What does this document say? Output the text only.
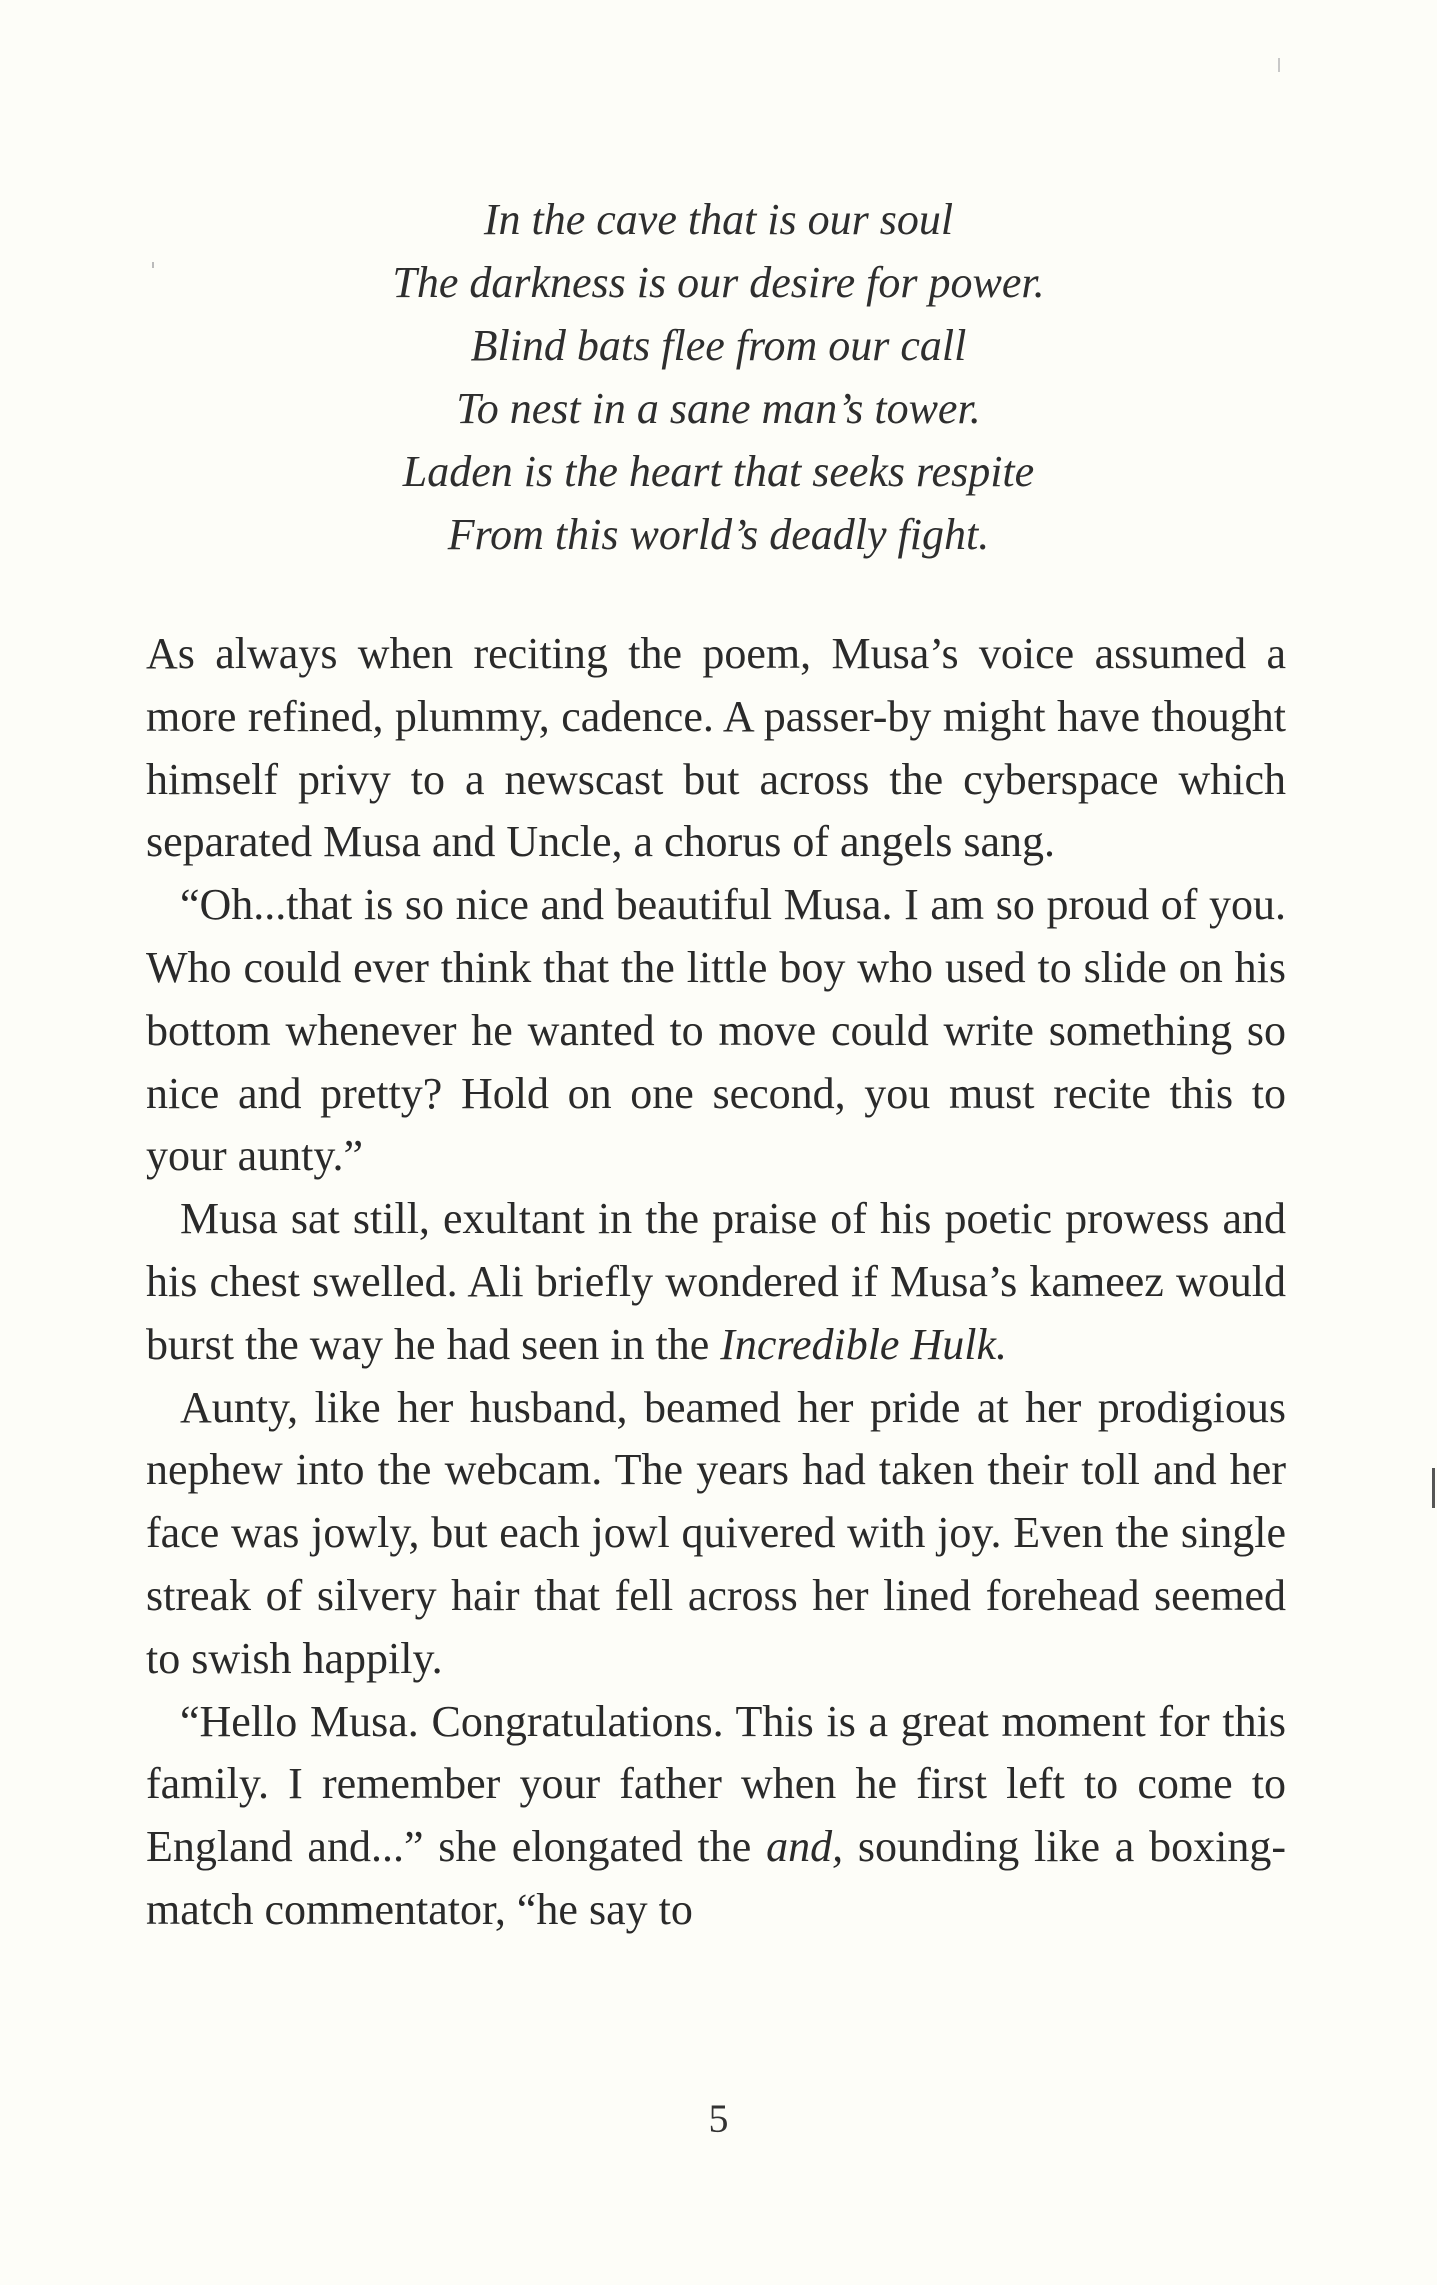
In the cave that is our soul
The darkness is our desire for power.
Blind bats flee from our call
To nest in a sane man’s tower.
Laden is the heart that seeks respite
From this world’s deadly fight.

As always when reciting the poem, Musa’s voice assumed a more refined, plummy, cadence. A passer-by might have thought himself privy to a newscast but across the cyberspace which separated Musa and Uncle, a chorus of angels sang.

“Oh...that is so nice and beautiful Musa. I am so proud of you. Who could ever think that the little boy who used to slide on his bottom whenever he wanted to move could write something so nice and pretty? Hold on one second, you must recite this to your aunty.”

Musa sat still, exultant in the praise of his poetic prowess and his chest swelled. Ali briefly wondered if Musa’s kameez would burst the way he had seen in the Incredible Hulk.

Aunty, like her husband, beamed her pride at her prodigious nephew into the webcam. The years had taken their toll and her face was jowly, but each jowl quivered with joy. Even the single streak of silvery hair that fell across her lined forehead seemed to swish happily.

“Hello Musa. Congratulations. This is a great moment for this family. I remember your father when he first left to come to England and...” she elongated the and, sounding like a boxing-match commentator, “he say to

5
